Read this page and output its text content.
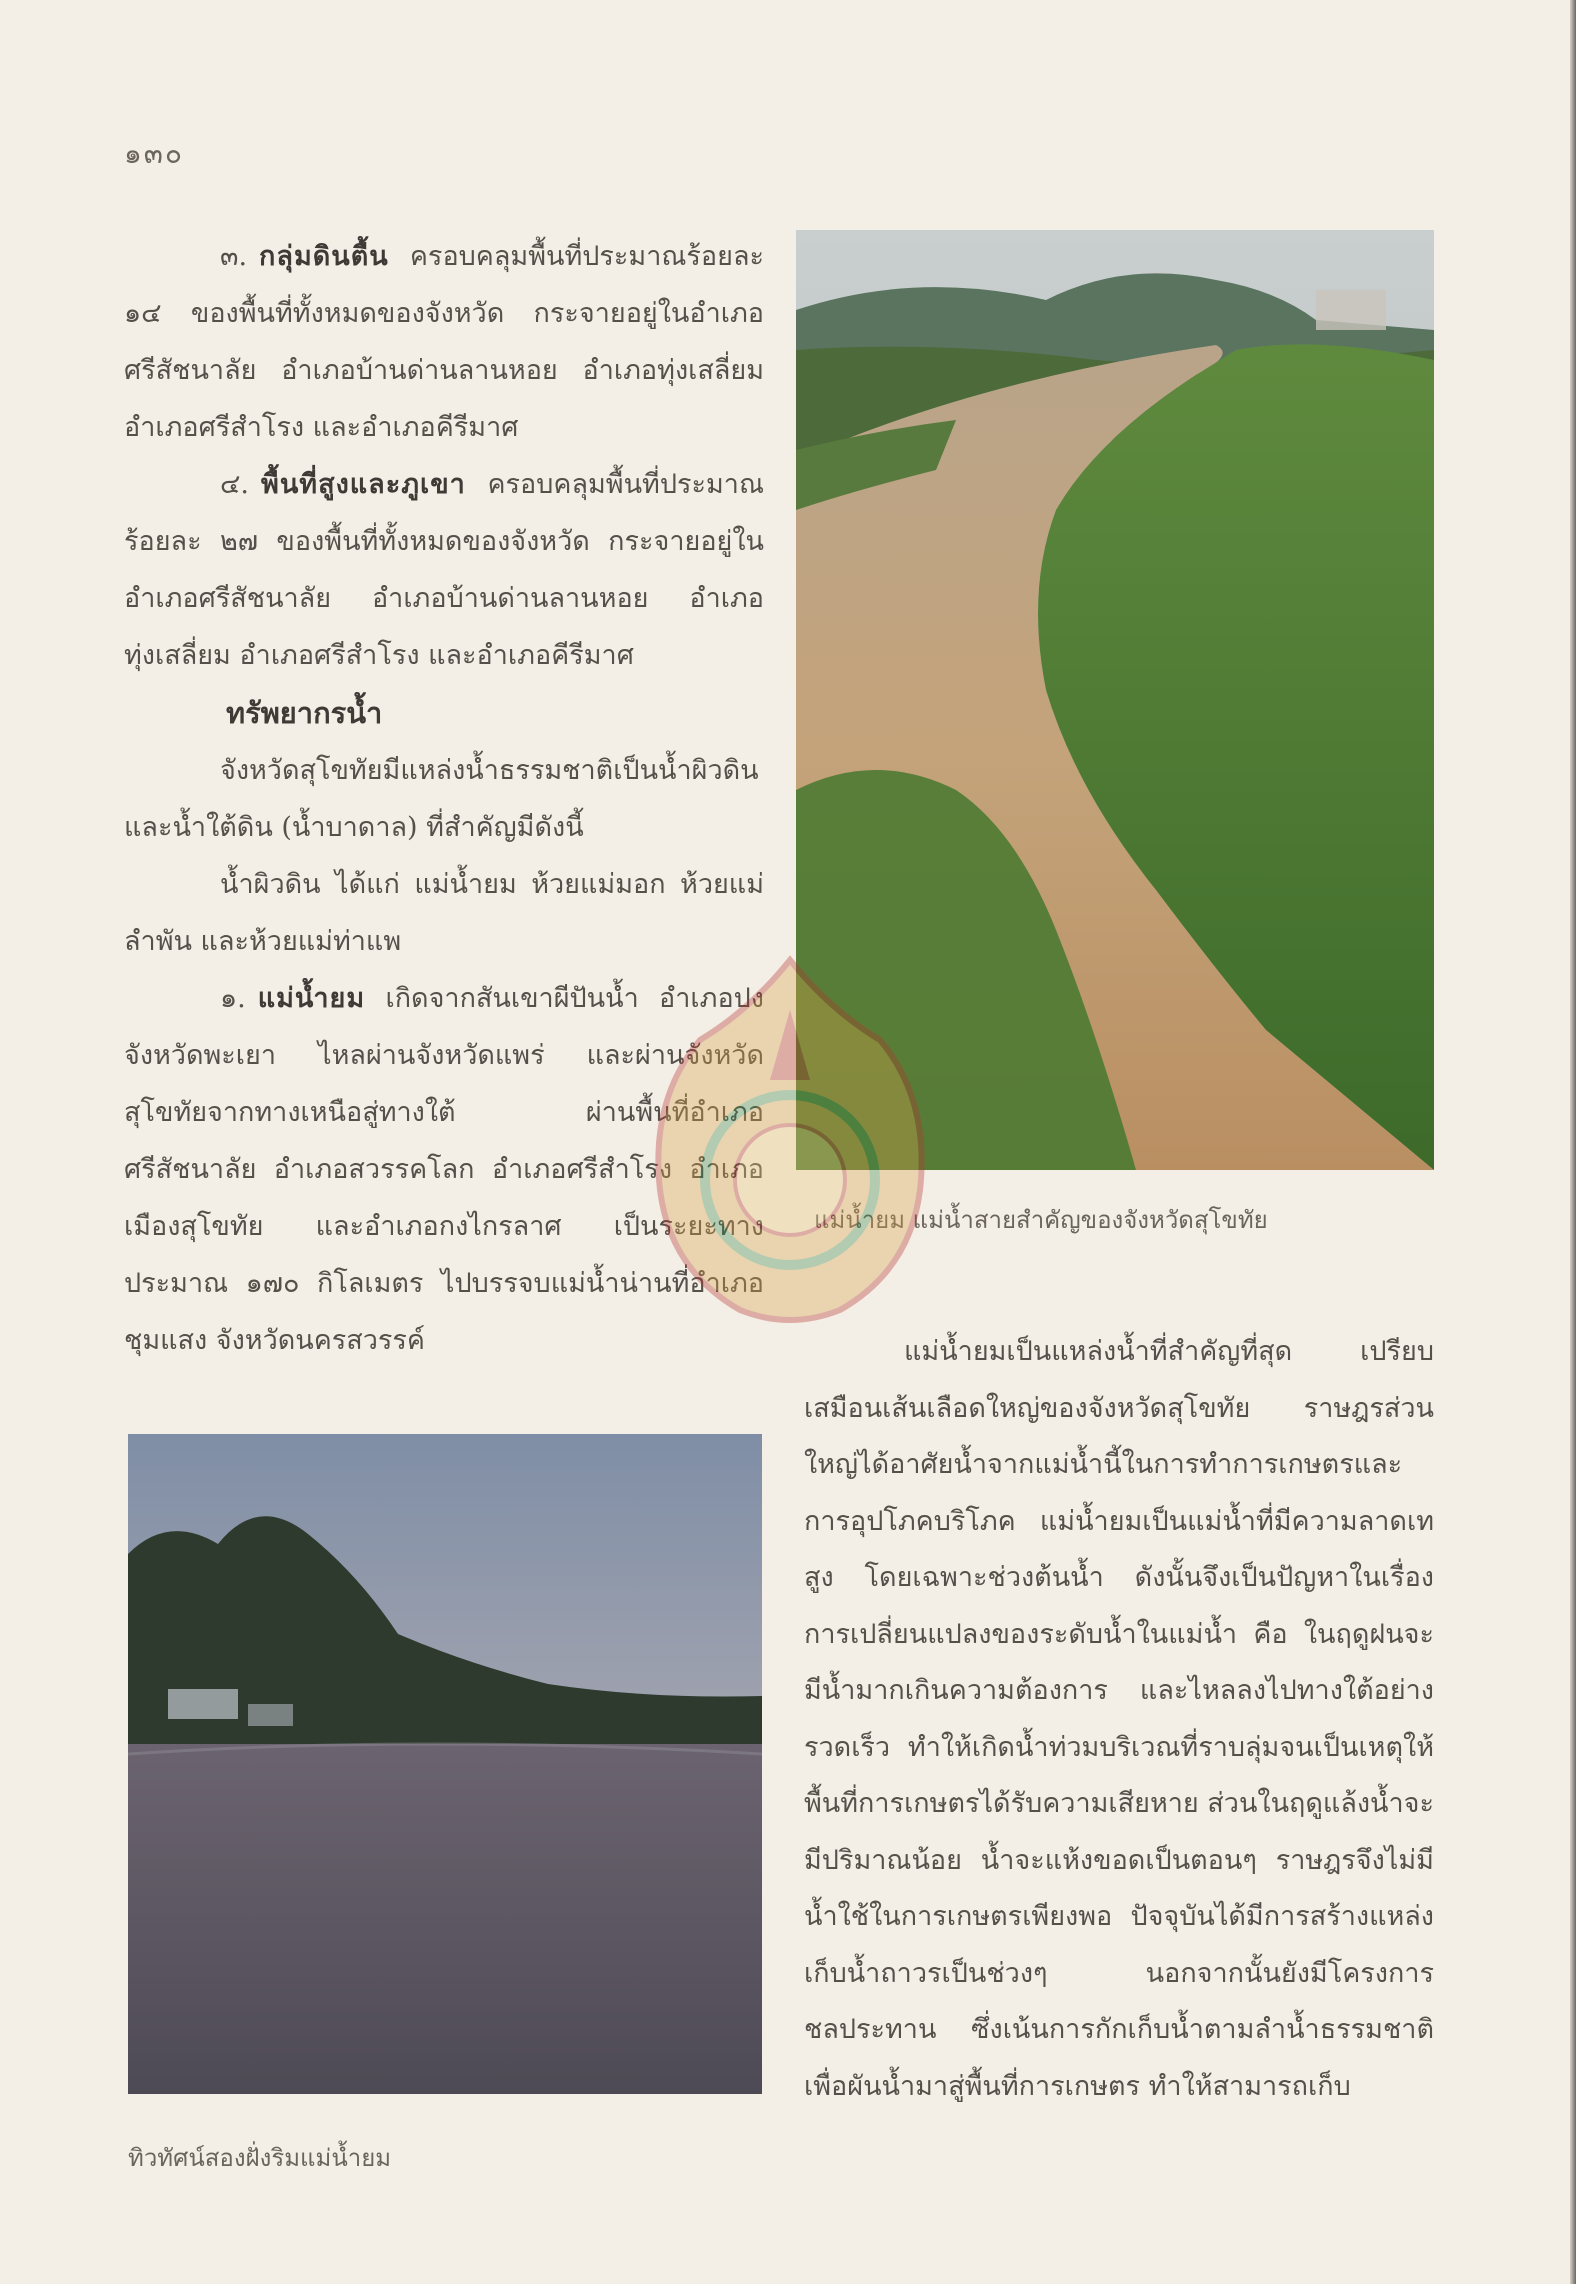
๑๓๐

๓. กลุ่มดินตื้น ครอบคลุมพื้นที่ประมาณร้อยละ ๑๔ ของพื้นที่ทั้งหมดของจังหวัด กระจายอยู่ในอำเภอศรีสัชนาลัย อำเภอบ้านด่านลานหอย อำเภอทุ่งเสลี่ยม อำเภอศรีสำโรง และอำเภอคีรีมาศ

๔. พื้นที่สูงและภูเขา ครอบคลุมพื้นที่ประมาณร้อยละ ๒๗ ของพื้นที่ทั้งหมดของจังหวัด กระจายอยู่ในอำเภอศรีสัชนาลัย อำเภอบ้านด่านลานหอย อำเภอทุ่งเสลี่ยม อำเภอศรีสำโรง และอำเภอคีรีมาศ

ทรัพยากรน้ำ

จังหวัดสุโขทัยมีแหล่งน้ำธรรมชาติเป็นน้ำผิวดิน และน้ำใต้ดิน (น้ำบาดาล) ที่สำคัญมีดังนี้

น้ำผิวดิน ได้แก่ แม่น้ำยม ห้วยแม่มอก ห้วยแม่ลำพัน และห้วยแม่ท่าแพ

๑. แม่น้ำยม เกิดจากสันเขาผีปันน้ำ อำเภอปง จังหวัดพะเยา ไหลผ่านจังหวัดแพร่ และผ่านจังหวัดสุโขทัยจากทางเหนือสู่ทางใต้ ผ่านพื้นที่อำเภอศรีสัชนาลัย อำเภอสวรรคโลก อำเภอศรีสำโรง อำเภอเมืองสุโขทัย และอำเภอกงไกรลาศ เป็นระยะทางประมาณ ๑๗๐ กิโลเมตร ไปบรรจบแม่น้ำน่านที่อำเภอชุมแสง จังหวัดนครสวรรค์

แม่น้ำยม แม่น้ำสายสำคัญของจังหวัดสุโขทัย

แม่น้ำยมเป็นแหล่งน้ำที่สำคัญที่สุด เปรียบเสมือนเส้นเลือดใหญ่ของจังหวัดสุโขทัย ราษฎรส่วนใหญ่ได้อาศัยน้ำจากแม่น้ำนี้ในการทำการเกษตรและการอุปโภคบริโภค แม่น้ำยมเป็นแม่น้ำที่มีความลาดเทสูง โดยเฉพาะช่วงต้นน้ำ ดังนั้นจึงเป็นปัญหาในเรื่องการเปลี่ยนแปลงของระดับน้ำในแม่น้ำ คือ ในฤดูฝนจะมีน้ำมากเกินความต้องการ และไหลลงไปทางใต้อย่างรวดเร็ว ทำให้เกิดน้ำท่วมบริเวณที่ราบลุ่มจนเป็นเหตุให้พื้นที่การเกษตรได้รับความเสียหาย ส่วนในฤดูแล้งน้ำจะมีปริมาณน้อย น้ำจะแห้งขอดเป็นตอนๆ ราษฎรจึงไม่มีน้ำใช้ในการเกษตรเพียงพอ ปัจจุบันได้มีการสร้างแหล่งเก็บน้ำถาวรเป็นช่วงๆ นอกจากนั้นยังมีโครงการชลประทาน ซึ่งเน้นการกักเก็บน้ำตามลำน้ำธรรมชาติเพื่อผันน้ำมาสู่พื้นที่การเกษตร ทำให้สามารถเก็บ

ทิวทัศน์สองฝั่งริมแม่น้ำยม
